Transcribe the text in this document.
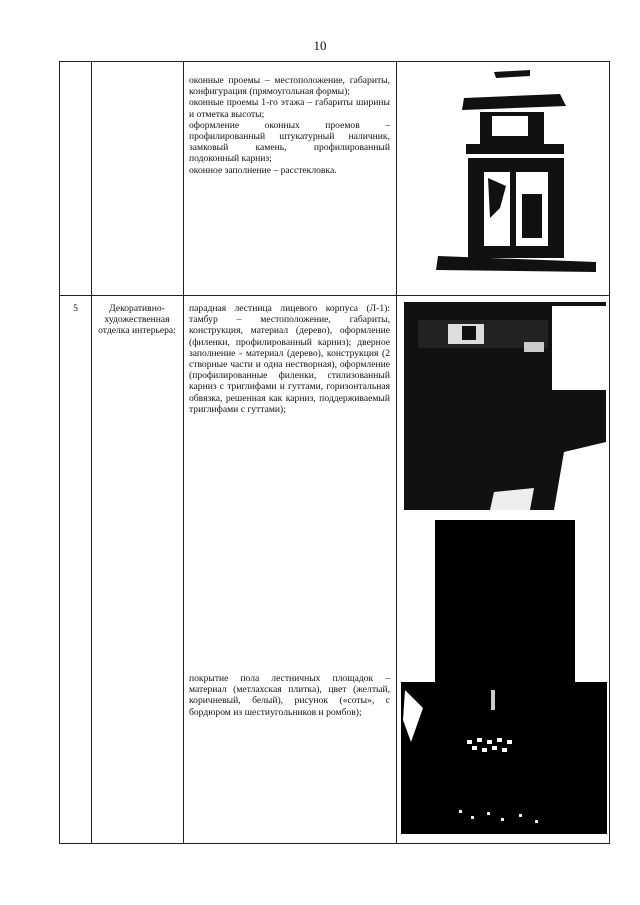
10

оконные проемы – местоположение, габариты, конфигурация (прямоугольная формы);

оконные проемы 1-го этажа – габариты ширины и отметка высоты;

оформление оконных проемов – профилированный штукатурный наличник, замковый камень, профилированный подоконный карниз;

оконное заполнение – расстекловка.

5	Декоративно-художественная отделка интерьера:
парадная лестница лицевого корпуса (Л-1): тамбур – местоположение, габариты, конструкция, материал (дерево), оформление (филенки, профилированный карниз); дверное заполнение - материал (дерево), конструкция (2 створные части и одна нестворная), оформление (профилированные филенки, стилизованный карниз с триглифами и гуттами, горизонтальная обвязка, решенная как карниз, поддерживаемый триглифами с гуттами);
покрытие пола лестничных площадок – материал (метлахская плитка), цвет (желтый, коричневый, белый), рисунок («соты», с бордюром из шестиугольников и ромбов);
